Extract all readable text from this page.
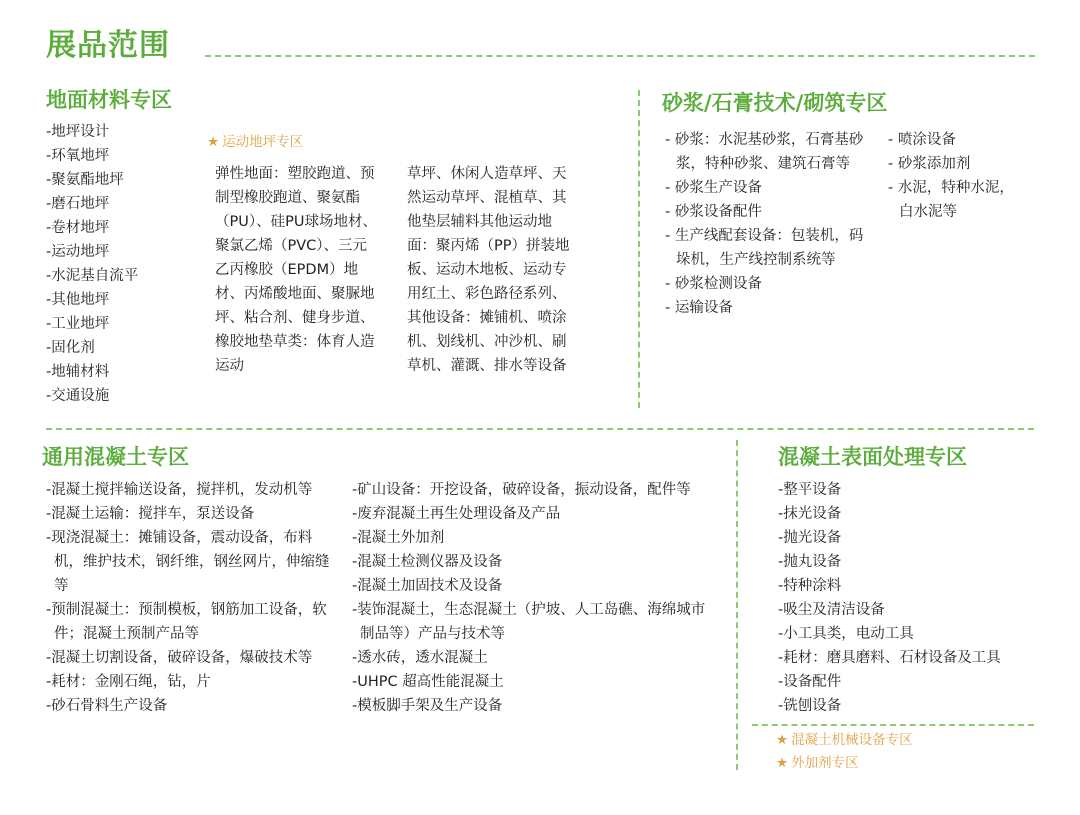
展品范围
地面材料专区
-地坪设计
-环氧地坪
-聚氨酯地坪
-磨石地坪
-卷材地坪
-运动地坪
-水泥基自流平
-其他地坪
-工业地坪
-固化剂
-地辅材料
-交通设施
★ 运动地坪专区

弹性地面：塑胶跑道、预制型橡胶跑道、聚氨酯（PU）、硅PU球场地材、聚氯乙烯（PVC）、三元乙丙橡胶（EPDM）地材、丙烯酸地面、聚脲地坪、粘合剂、健身步道、橡胶地垫草类：体育人造运动

草坪、休闲人造草坪、天然运动草坪、混植草、其他垫层辅料其他运动地面：聚丙烯（PP）拼装地板、运动木地板、运动专用红土、彩色路径系列、其他设备：摊铺机、喷涂机、划线机、冲沙机、刷草机、灌溉、排水等设备

砂浆/石膏技术/砌筑专区
- 砂浆：水泥基砂浆，石膏基砂浆，特种砂浆、建筑石膏等
- 砂浆生产设备
- 砂浆设备配件
- 生产线配套设备：包装机，码垛机，生产线控制系统等
- 砂浆检测设备
- 运输设备
- 喷涂设备
- 砂浆添加剂
- 水泥，特种水泥，白水泥等
通用混凝土专区
-混凝土搅拌输送设备，搅拌机，发动机等
-混凝土运输：搅拌车，泵送设备
-现浇混凝土：摊铺设备，震动设备，布料机，维护技术，钢纤维，钢丝网片，伸缩缝等
-预制混凝土：预制模板，钢筋加工设备，软件；混凝土预制产品等
-混凝土切割设备，破碎设备，爆破技术等
-耗材：金刚石绳，钻，片
-砂石骨料生产设备
-矿山设备：开挖设备，破碎设备，振动设备，配件等
-废弃混凝土再生处理设备及产品
-混凝土外加剂
-混凝土检测仪器及设备
-混凝土加固技术及设备
-装饰混凝土，生态混凝土（护坡、人工岛礁、海绵城市制品等）产品与技术等
-透水砖，透水混凝土
-UHPC 超高性能混凝土
-模板脚手架及生产设备
混凝土表面处理专区
-整平设备
-抹光设备
-抛光设备
-抛丸设备
-特种涂料
-吸尘及清洁设备
-小工具类，电动工具
-耗材：磨具磨料、石材设备及工具
-设备配件
-铣刨设备
★ 混凝土机械设备专区
★ 外加剂专区
